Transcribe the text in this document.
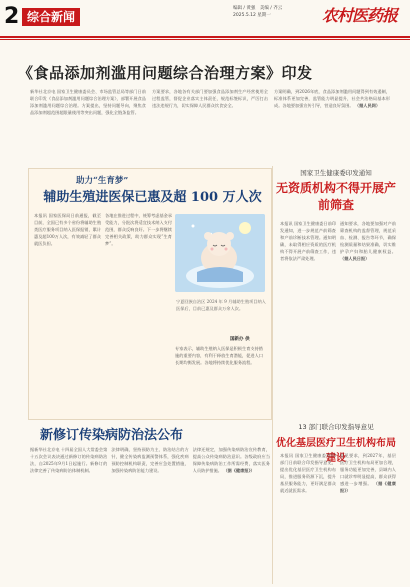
2 综合新闻
编辑 / 黄强　美编 / 齐云
2025.5.12 星期一	农村医药报
《食品添加剂滥用问题综合治理方案》印发
新华社北京电 国家卫生健康委员会、市场监管总局等部门日前联合印发《食品添加剂滥用问题综合治理方案》，部署开展食品添加剂滥用问题综合治理。方案提出，坚持问题导向，聚焦食品添加剂超范围超限量使用等突出问题，强化全链条监管。
方案要求，各地各有关部门要加强食品添加剂生产经营使用全过程监管，督促企业落实主体责任，规范标签标识，严厉打击违法违规行为，切实保障人民群众饮食安全。
方案明确，到2026年底，食品添加剂滥用问题得到有效遏制，标准体系更加完善，监管能力明显提升，社会共治格局基本形成。各地要加强宣传引导，营造良好氛围。 （据人民网）
助力“生育梦”
辅助生殖进医保已惠及超 100 万人次
本报讯 国家医保局日前通报，截至目前，全国已有多个省份将辅助生殖类医疗服务项目纳入医保报销，累计惠及超100万人次，有效减轻了群众就医负担。
各地在推进过程中，统筹考虑基金承受能力，分批次将适宜技术纳入支付范围，群众反响良好。下一步将继续完善相关政策，助力群众实现“生育梦”。
宁夏回族自治区 2024 年 9 月辅助生殖项目纳入医保后，目前已惠及群众万余人次。
国新办 供
专家表示，辅助生殖纳入医保是积极生育支持措施的重要内容，有利于释放生育潜能，促进人口长期均衡发展。各地将持续优化服务流程。
国家卫生健康委印发通知
无资质机构不得开展产前筛查
本报讯 国家卫生健康委日前印发通知，进一步规范产前筛查和产前诊断技术管理。通知明确，未取得相应资质的医疗机构不得开展产前筛查工作，违者将依法严肃处理。
通知要求，各地要加强对产前筛查机构的监督管理，规范采血、检测、报告等环节，确保检测质量和结果准确，切实维护孕产妇和胎儿健康权益。 （据人民日报）
新修订传染病防治法公布
据新华社北京电 十四届全国人大常委会第十五次会议表决通过新修订的传染病防治法，自2025年9月1日起施行。新修订的法律完善了传染病防治体制机制。
法律明确，坚持预防为主、防治结合的方针，健全传染病监测预警体系，强化疾病预防控制机构职责，完善应急处置措施，加强传染病防治能力建设。
法律还规定，加强传染病防治宣传教育，提高公众传染病防治意识。各级政府应当保障传染病防治工作所需经费，落实医务人员防护措施。 （据《健康报》）
13 部门联合印发指导意见
优化基层医疗卫生机构布局建设
本报讯 国家卫生健康委等13部门日前联合印发指导意见，提出优化基层医疗卫生机构布局，推进服务资源下沉，提升基层服务能力，更好满足群众就近就医需求。
意见要求，到2027年，基层医疗卫生机构布局更加合理，服务功能更加完善，县域内人口就诊率明显提高，群众获得感进一步增强。 （据《健康报》）
